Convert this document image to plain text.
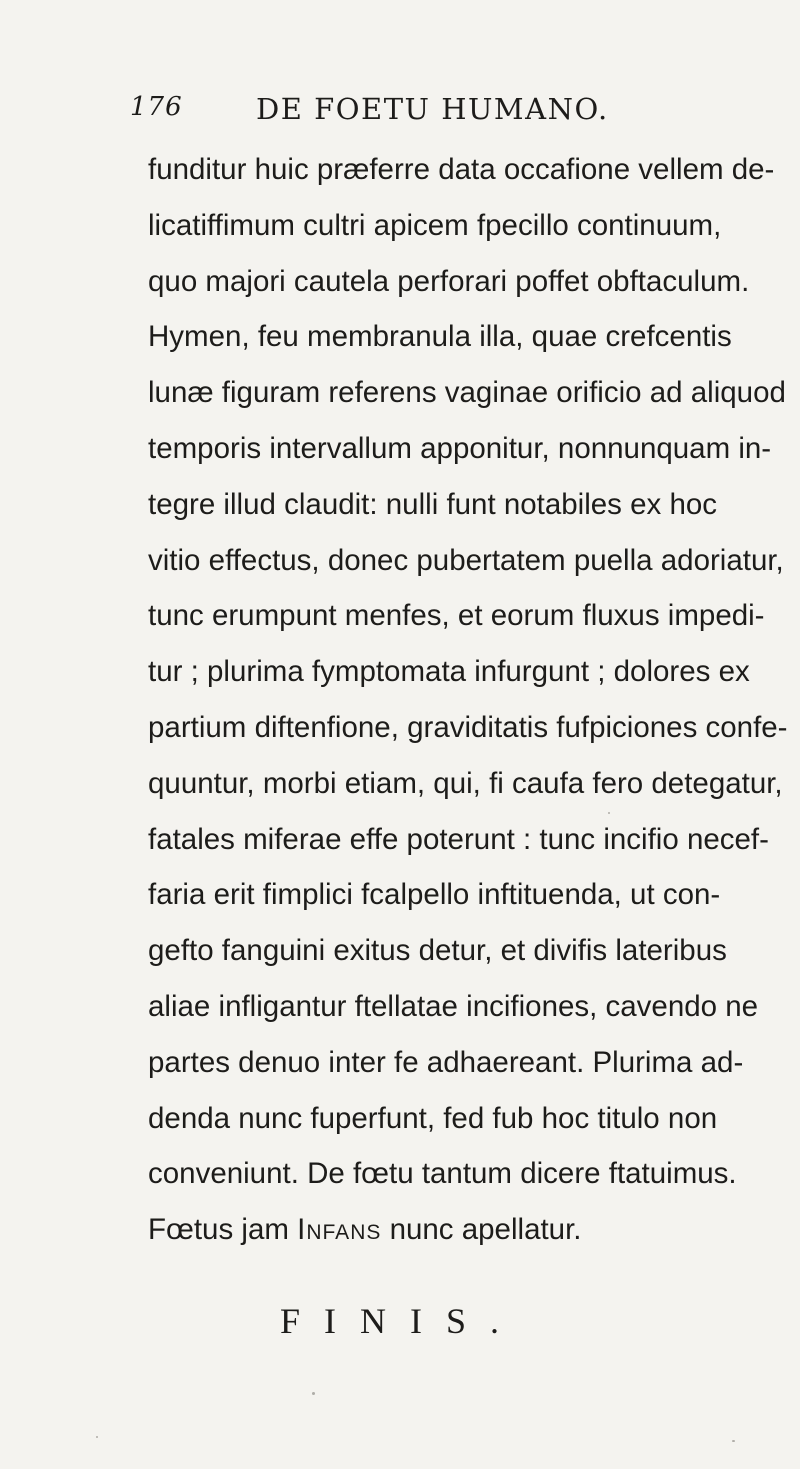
176	DE FOETU HUMANO.
funditur huic præferre data occafione vellem de-
licatiffimum cultri apicem fpecillo continuum,
quo majori cautela perforari poffet obftaculum.
Hymen, feu membranula illa, quae crefcentis
lunæ figuram referens vaginae orificio ad aliquod
temporis intervallum apponitur, nonnunquam in-
tegre illud claudit: nulli funt notabiles ex hoc
vitio effectus, donec pubertatem puella adoriatur,
tunc erumpunt menfes, et eorum fluxus impedi-
tur ; plurima fymptomata infurgunt ; dolores ex
partium diftenfione, graviditatis fufpiciones confe-
quuntur, morbi etiam, qui, fi caufa fero detegatur,
fatales miferae effe poterunt : tunc incifio necef-
faria erit fimplici fcalpello inftituenda, ut con-
gefto fanguini exitus detur, et divifis lateribus
aliae infligantur ftellatae incifiones, cavendo ne
partes denuo inter fe adhaereant. Plurima ad-
denda nunc fuperfunt, fed fub hoc titulo non
conveniunt. De fœtu tantum dicere ftatuimus.
Fœtus jam Infans nunc apellatur.
FINIS.
